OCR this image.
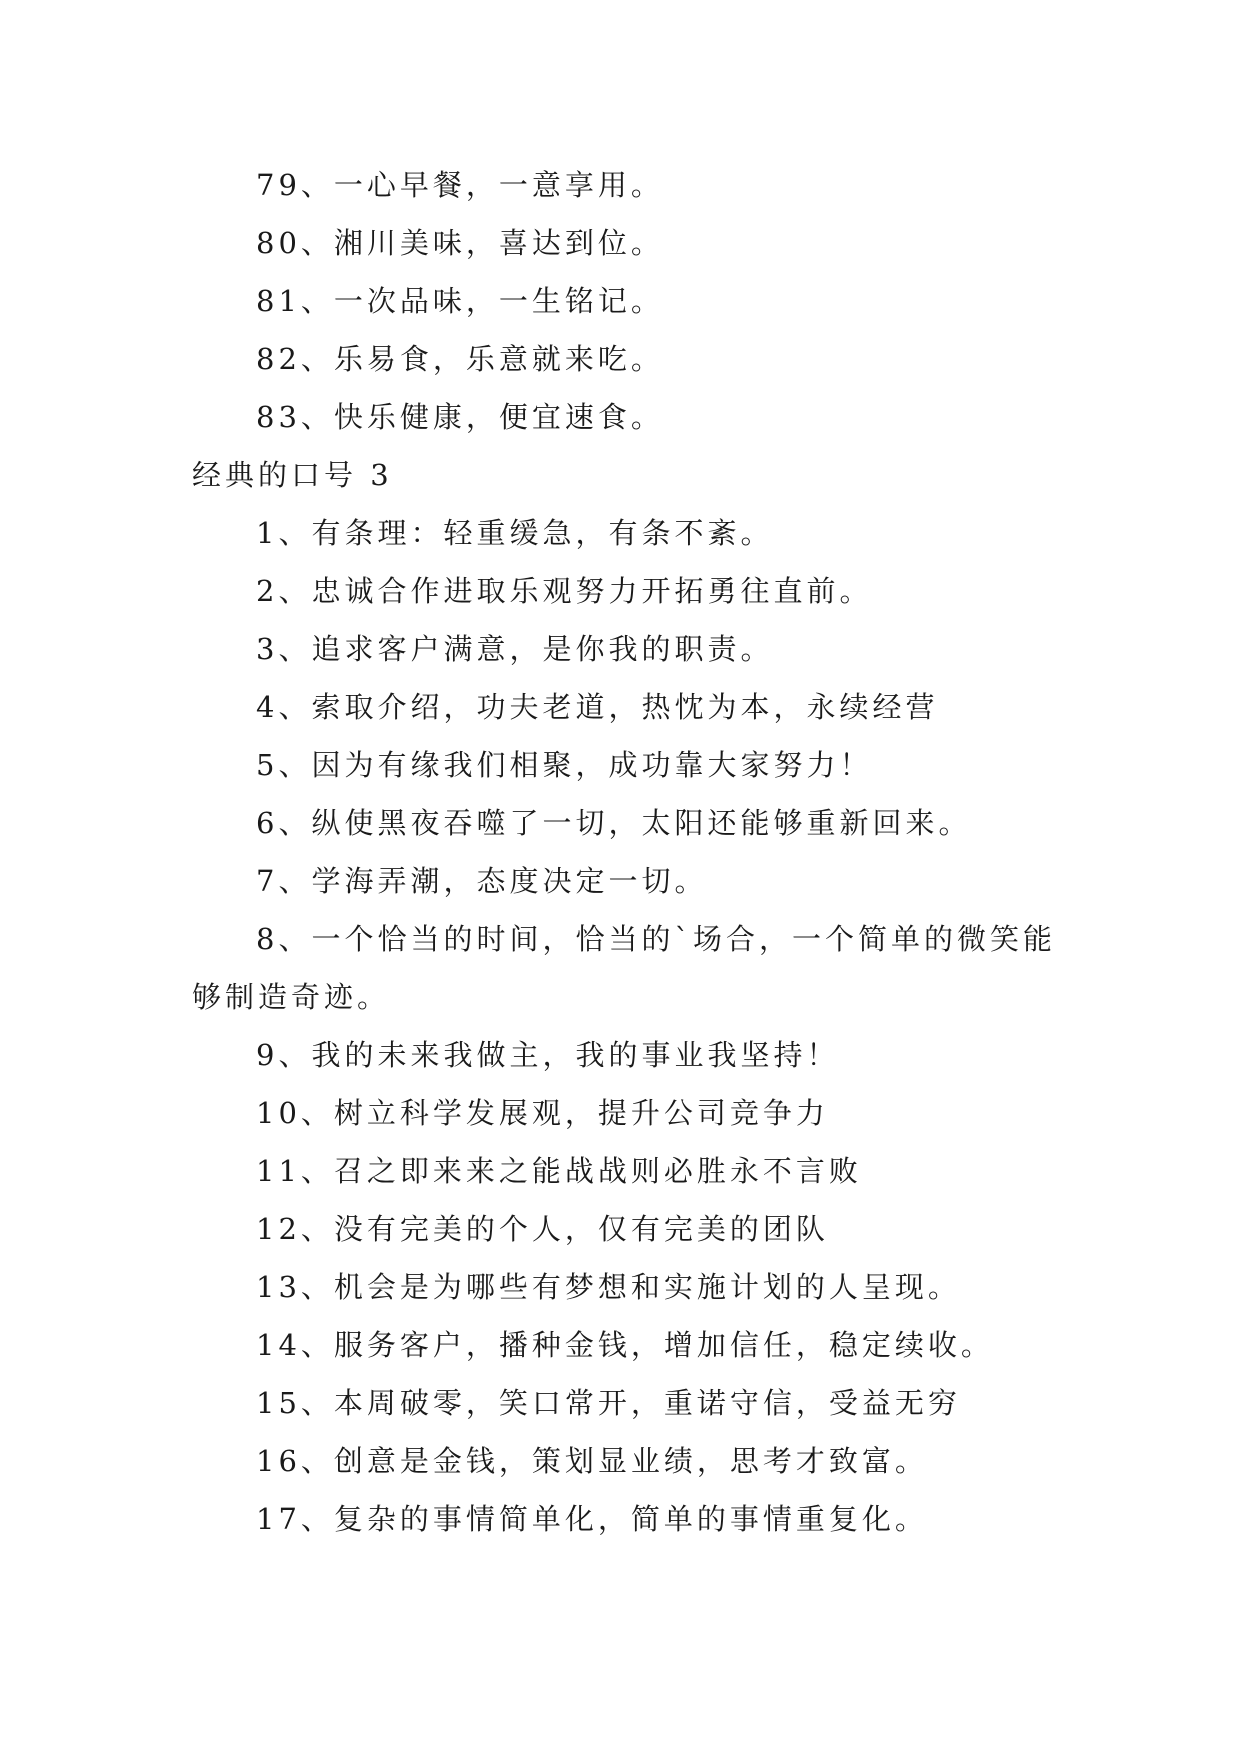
79、一心早餐，一意享用。

80、湘川美味，喜达到位。

81、一次品味，一生铭记。

82、乐易食，乐意就来吃。

83、快乐健康，便宜速食。

经典的口号 3

1、有条理：轻重缓急，有条不紊。

2、忠诚合作进取乐观努力开拓勇往直前。

3、追求客户满意，是你我的职责。

4、索取介绍，功夫老道，热忱为本，永续经营

5、因为有缘我们相聚，成功靠大家努力！

6、纵使黑夜吞噬了一切，太阳还能够重新回来。

7、学海弄潮，态度决定一切。

8、一个恰当的时间，恰当的`场合，一个简单的微笑能

够制造奇迹。

9、我的未来我做主，我的事业我坚持！

10、树立科学发展观，提升公司竞争力

11、召之即来来之能战战则必胜永不言败

12、没有完美的个人，仅有完美的团队

13、机会是为哪些有梦想和实施计划的人呈现。

14、服务客户，播种金钱，增加信任，稳定续收。

15、本周破零，笑口常开，重诺守信，受益无穷

16、创意是金钱，策划显业绩，思考才致富。

17、复杂的事情简单化，简单的事情重复化。
